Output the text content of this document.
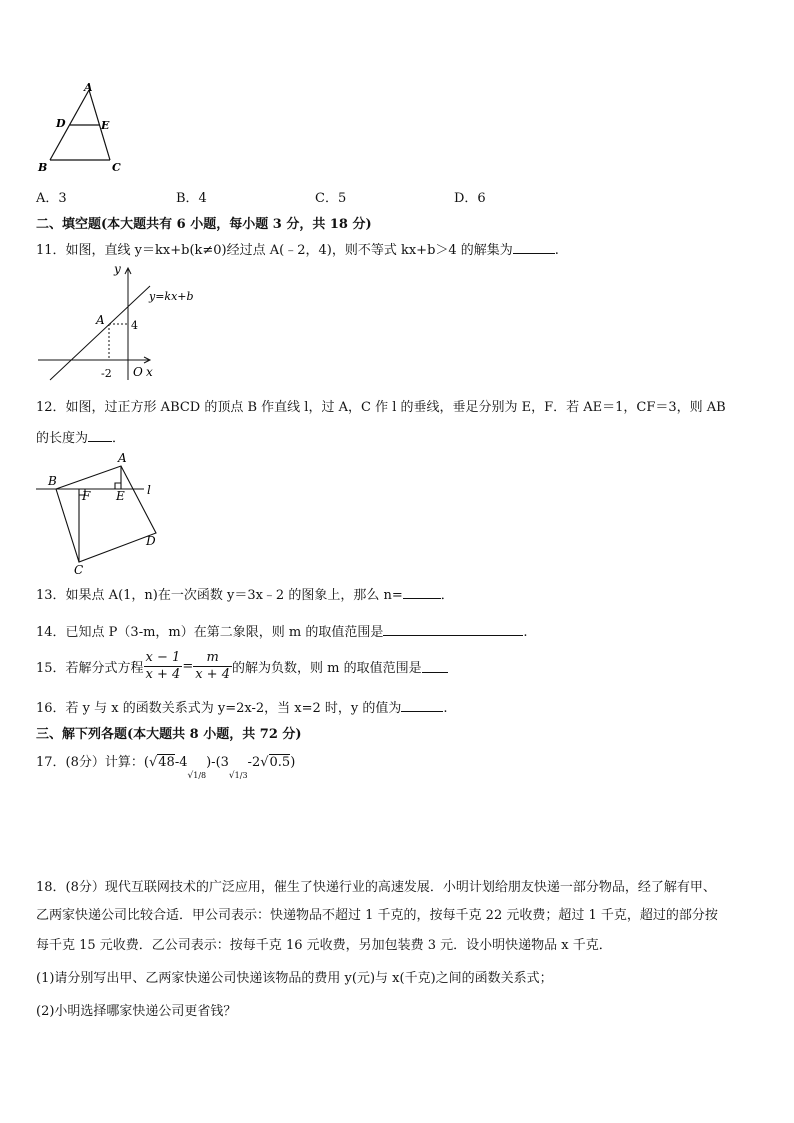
A
D	E
B	C
A．3	B．4	C．5	D．6
二、填空题(本大题共有 6 小题，每小题 3 分，共 18 分)
11．如图，直线 y＝kx+b(k≠0)经过点 A(﹣2，4)，则不等式 kx+b＞4 的解集为	.
y
y=kx+b
A 4
-2 O x
12．如图，过正方形 ABCD 的顶点 B 作直线 l，过 A，C 作 l 的垂线，垂足分别为 E，F．若 AE＝1，CF＝3，则 AB
的长度为 ．
A
B
E
F	l
D
C
13．如果点 A(1，n)在一次函数 y＝3x﹣2 的图象上，那么 n=	．
14．已知点 P（3-m，m）在第二象限，则 m 的取值范围是	.
15．若解分式方程 $\frac{x - 1}{x + 4} = \frac{m}{x + 4}$ 的解为负数，则 m 的取值范围是
16．若 y 与 x 的函数关系式为 y=2x-2，当 x=2 时，y 的值为	.
三、解下列各题(本大题共 8 小题，共 72 分)
17．(8分）计算：$(√48-4_{√1/8})-(3_{√1/3}-2√0.5)$
18．(8分）现代互联网技术的广泛应用，催生了快递行业的高速发展．小明计划给朋友快递一部分物品，经了解有甲、
乙两家快递公司比较合适．甲公司表示：快递物品不超过 1 千克的，按每千克 22 元收费；超过 1 千克，超过的部分按
每千克 15 元收费．乙公司表示：按每千克 16 元收费，另加包装费 3 元．设小明快递物品 x 千克．
(1)请分别写出甲、乙两家快递公司快递该物品的费用 y(元)与 x(千克)之间的函数关系式；
(2)小明选择哪家快递公司更省钱？
